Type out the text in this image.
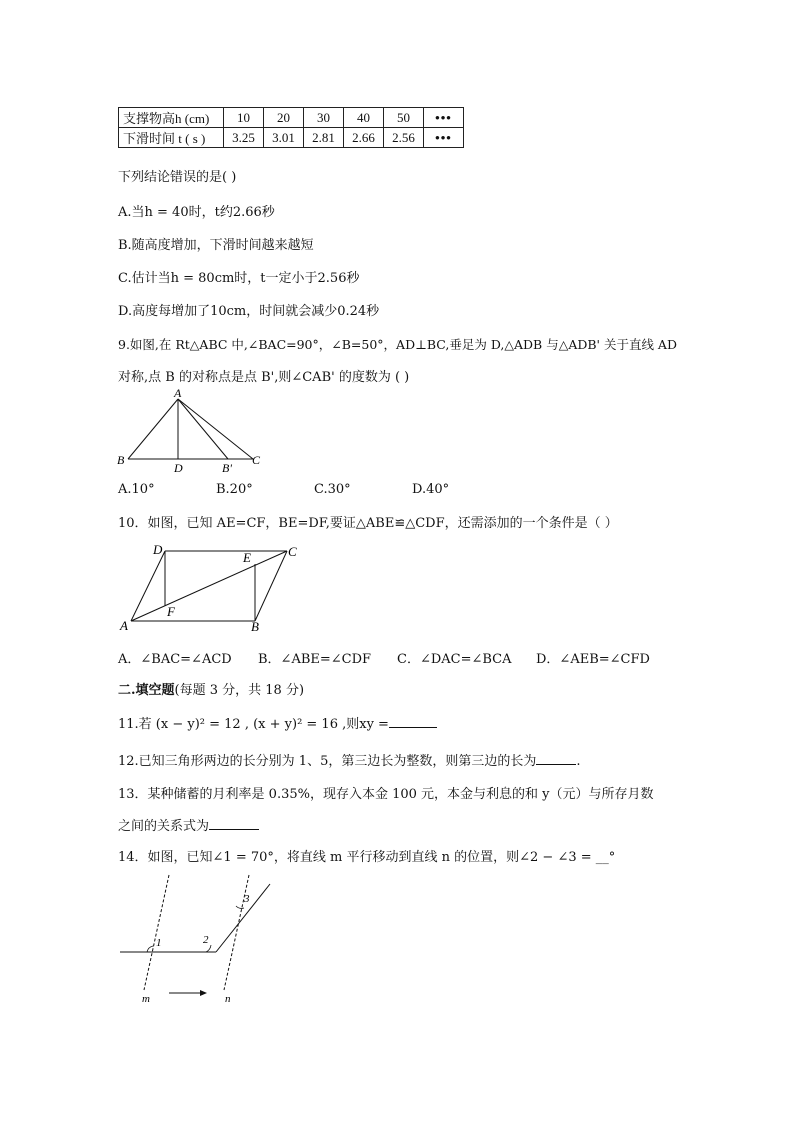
支撑物高h (cm)	10	20	30	40	50	•••
下滑时间 t ( s )	3.25	3.01	2.81	2.66	2.56	•••
下列结论错误的是( )
A.当h = 40时，t约2.66秒
B.随高度增加，下滑时间越来越短
C.估计当h = 80cm时，t一定小于2.56秒
D.高度每增加了10cm，时间就会减少0.24秒
9.如图,在 Rt△ABC 中,∠BAC=90°，∠B=50°，AD⊥BC,垂足为 D,△ADB 与△ADB' 关于直线 AD
对称,点 B 的对称点是点 B',则∠CAB' 的度数为 ( )
A
B
D	B'
C
A.10°	B.20°	C.30°	D.40°
10．如图，已知 AE=CF，BE=DF,要证△ABE≌△CDF，还需添加的一个条件是（ ）
D
E	C
F
A	B
A．∠BAC=∠ACD B．∠ABE=∠CDF C．∠DAC=∠BCA D．∠AEB=∠CFD
二.填空题(每题 3 分，共 18 分)
11.若 (x − y)² = 12 , (x + y)² = 16 ,则xy =
12.已知三角形两边的长分别为 1、5，第三边长为整数，则第三边的长为	.
13．某种储蓄的月利率是 0.35%，现存入本金 100 元，本金与利息的和 y（元）与所存月数
之间的关系式为
14．如图，已知∠1 = 70°，将直线 m 平行移动到直线 n 的位置，则∠2 − ∠3 = __°
1	2
3
m	n
